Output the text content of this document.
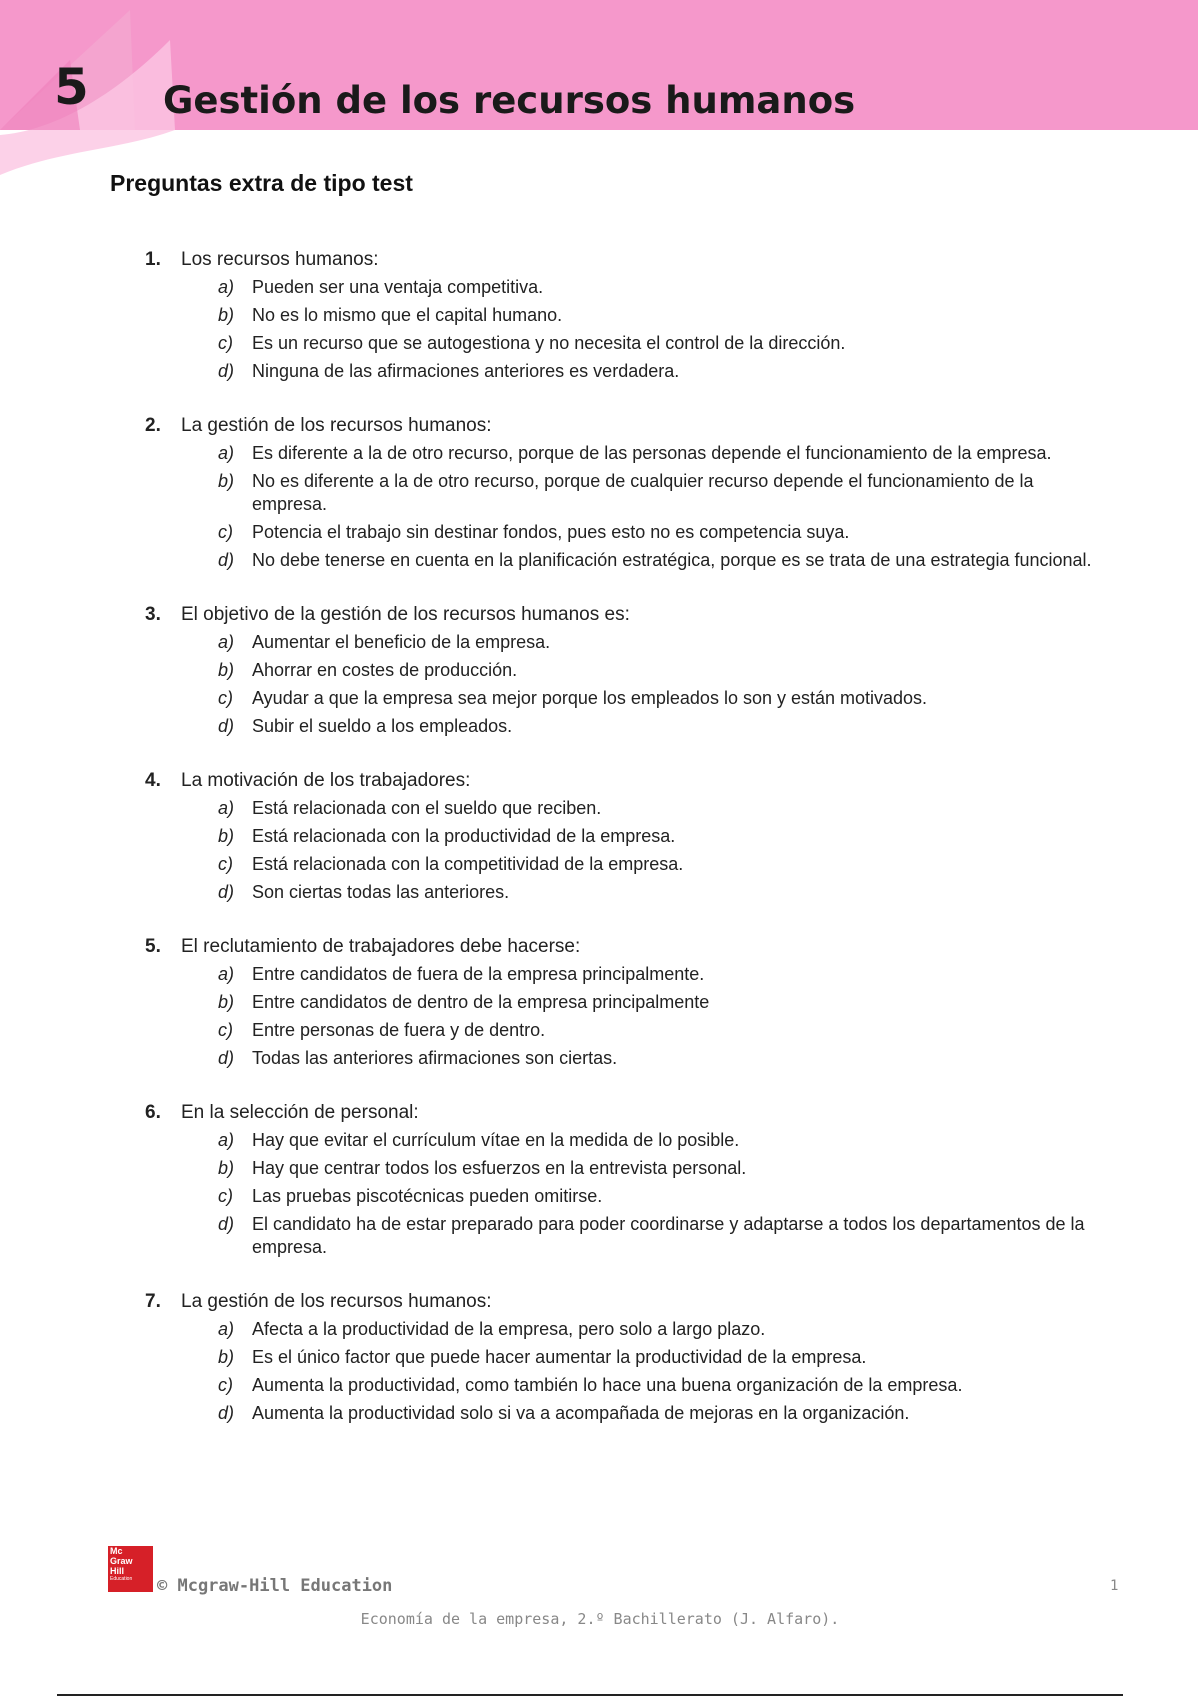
5 Gestión de los recursos humanos
Preguntas extra de tipo test
1. Los recursos humanos:
a) Pueden ser una ventaja competitiva.
b) No es lo mismo que el capital humano.
c) Es un recurso que se autogestiona y no necesita el control de la dirección.
d) Ninguna de las afirmaciones anteriores es verdadera.
2. La gestión de los recursos humanos:
a) Es diferente a la de otro recurso, porque de las personas depende el funcionamiento de la empresa.
b) No es diferente a la de otro recurso, porque de cualquier recurso depende el funcionamiento de la empresa.
c) Potencia el trabajo sin destinar fondos, pues esto no es competencia suya.
d) No debe tenerse en cuenta en la planificación estratégica, porque es se trata de una estrategia funcional.
3. El objetivo de la gestión de los recursos humanos es:
a) Aumentar el beneficio de la empresa.
b) Ahorrar en costes de producción.
c) Ayudar a que la empresa sea mejor porque los empleados lo son y están motivados.
d) Subir el sueldo a los empleados.
4. La motivación de los trabajadores:
a) Está relacionada con el sueldo que reciben.
b) Está relacionada con la productividad de la empresa.
c) Está relacionada con la competitividad de la empresa.
d) Son ciertas todas las anteriores.
5. El reclutamiento de trabajadores debe hacerse:
a) Entre candidatos de fuera de la empresa principalmente.
b) Entre candidatos de dentro de la empresa principalmente
c) Entre personas de fuera y de dentro.
d) Todas las anteriores afirmaciones son ciertas.
6. En la selección de personal:
a) Hay que evitar el currículum vítae en la medida de lo posible.
b) Hay que centrar todos los esfuerzos en la entrevista personal.
c) Las pruebas piscotécnicas pueden omitirse.
d) El candidato ha de estar preparado para poder coordinarse y adaptarse a todos los departamentos de la empresa.
7. La gestión de los recursos humanos:
a) Afecta a la productividad de la empresa, pero solo a largo plazo.
b) Es el único factor que puede hacer aumentar la productividad de la empresa.
c) Aumenta la productividad, como también lo hace una buena organización de la empresa.
d) Aumenta la productividad solo si va a acompañada de mejoras en la organización.
Mc
Graw
Hill
Education	© Mcgraw-Hill Education	1
Economía de la empresa, 2.º Bachillerato (J. Alfaro).
